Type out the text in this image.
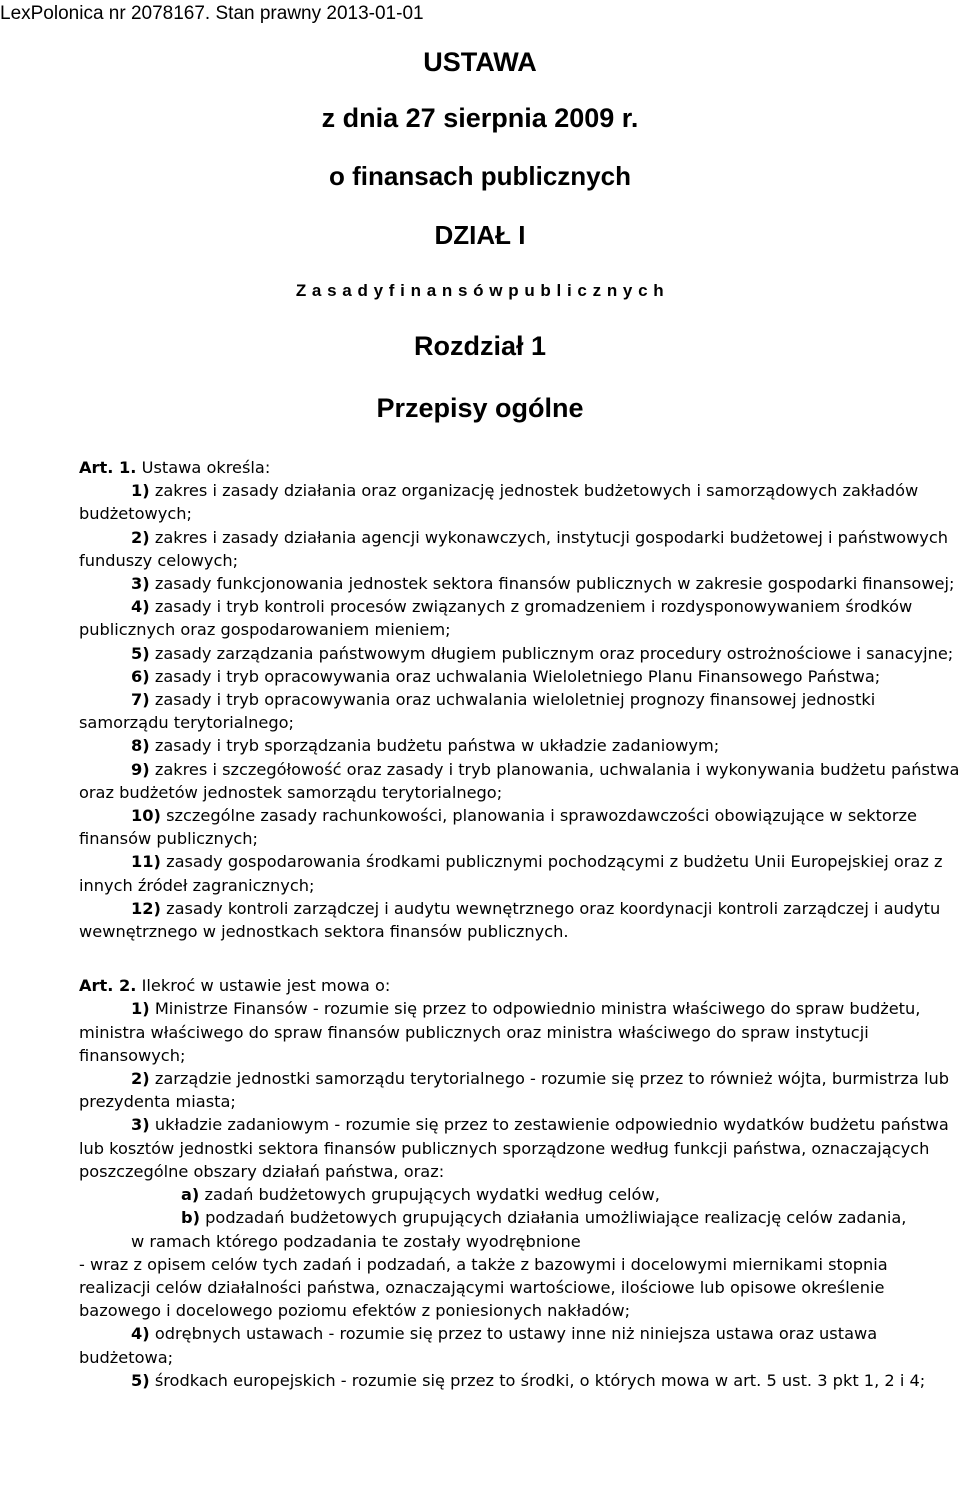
LexPolonica nr 2078167. Stan prawny 2013-01-01
USTAWA
z dnia 27 sierpnia 2009 r.
o finansach publicznych
DZIAŁ I
Z a s a d y f i n a n s ó w p u b l i c z n y c h
Rozdział 1
Przepisy ogólne

Art. 1. Ustawa określa:

1) zakres i zasady działania oraz organizację jednostek budżetowych i samorządowych zakładów budżetowych;

2) zakres i zasady działania agencji wykonawczych, instytucji gospodarki budżetowej i państwowych funduszy celowych;

3) zasady funkcjonowania jednostek sektora finansów publicznych w zakresie gospodarki finansowej;

4) zasady i tryb kontroli procesów związanych z gromadzeniem i rozdysponowywaniem środków publicznych oraz gospodarowaniem mieniem;

5) zasady zarządzania państwowym długiem publicznym oraz procedury ostrożnościowe i sanacyjne;

6) zasady i tryb opracowywania oraz uchwalania Wieloletniego Planu Finansowego Państwa;

7) zasady i tryb opracowywania oraz uchwalania wieloletniej prognozy finansowej jednostki samorządu terytorialnego;

8) zasady i tryb sporządzania budżetu państwa w układzie zadaniowym;

9) zakres i szczegółowość oraz zasady i tryb planowania, uchwalania i wykonywania budżetu państwa oraz budżetów jednostek samorządu terytorialnego;

10) szczególne zasady rachunkowości, planowania i sprawozdawczości obowiązujące w sektorze finansów publicznych;

11) zasady gospodarowania środkami publicznymi pochodzącymi z budżetu Unii Europejskiej oraz z innych źródeł zagranicznych;

12) zasady kontroli zarządczej i audytu wewnętrznego oraz koordynacji kontroli zarządczej i audytu wewnętrznego w jednostkach sektora finansów publicznych.

Art. 2. Ilekroć w ustawie jest mowa o:

1) Ministrze Finansów - rozumie się przez to odpowiednio ministra właściwego do spraw budżetu, ministra właściwego do spraw finansów publicznych oraz ministra właściwego do spraw instytucji finansowych;

2) zarządzie jednostki samorządu terytorialnego - rozumie się przez to również wójta, burmistrza lub prezydenta miasta;

3) układzie zadaniowym - rozumie się przez to zestawienie odpowiednio wydatków budżetu państwa lub kosztów jednostki sektora finansów publicznych sporządzone według funkcji państwa, oznaczających poszczególne obszary działań państwa, oraz:

a) zadań budżetowych grupujących wydatki według celów,

b) podzadań budżetowych grupujących działania umożliwiające realizację celów zadania,

w ramach którego podzadania te zostały wyodrębnione

- wraz z opisem celów tych zadań i podzadań, a także z bazowymi i docelowymi miernikami stopnia realizacji celów działalności państwa, oznaczającymi wartościowe, ilościowe lub opisowe określenie bazowego i docelowego poziomu efektów z poniesionych nakładów;

4) odrębnych ustawach - rozumie się przez to ustawy inne niż niniejsza ustawa oraz ustawa budżetowa;

5) środkach europejskich - rozumie się przez to środki, o których mowa w art. 5 ust. 3 pkt 1, 2 i 4;
